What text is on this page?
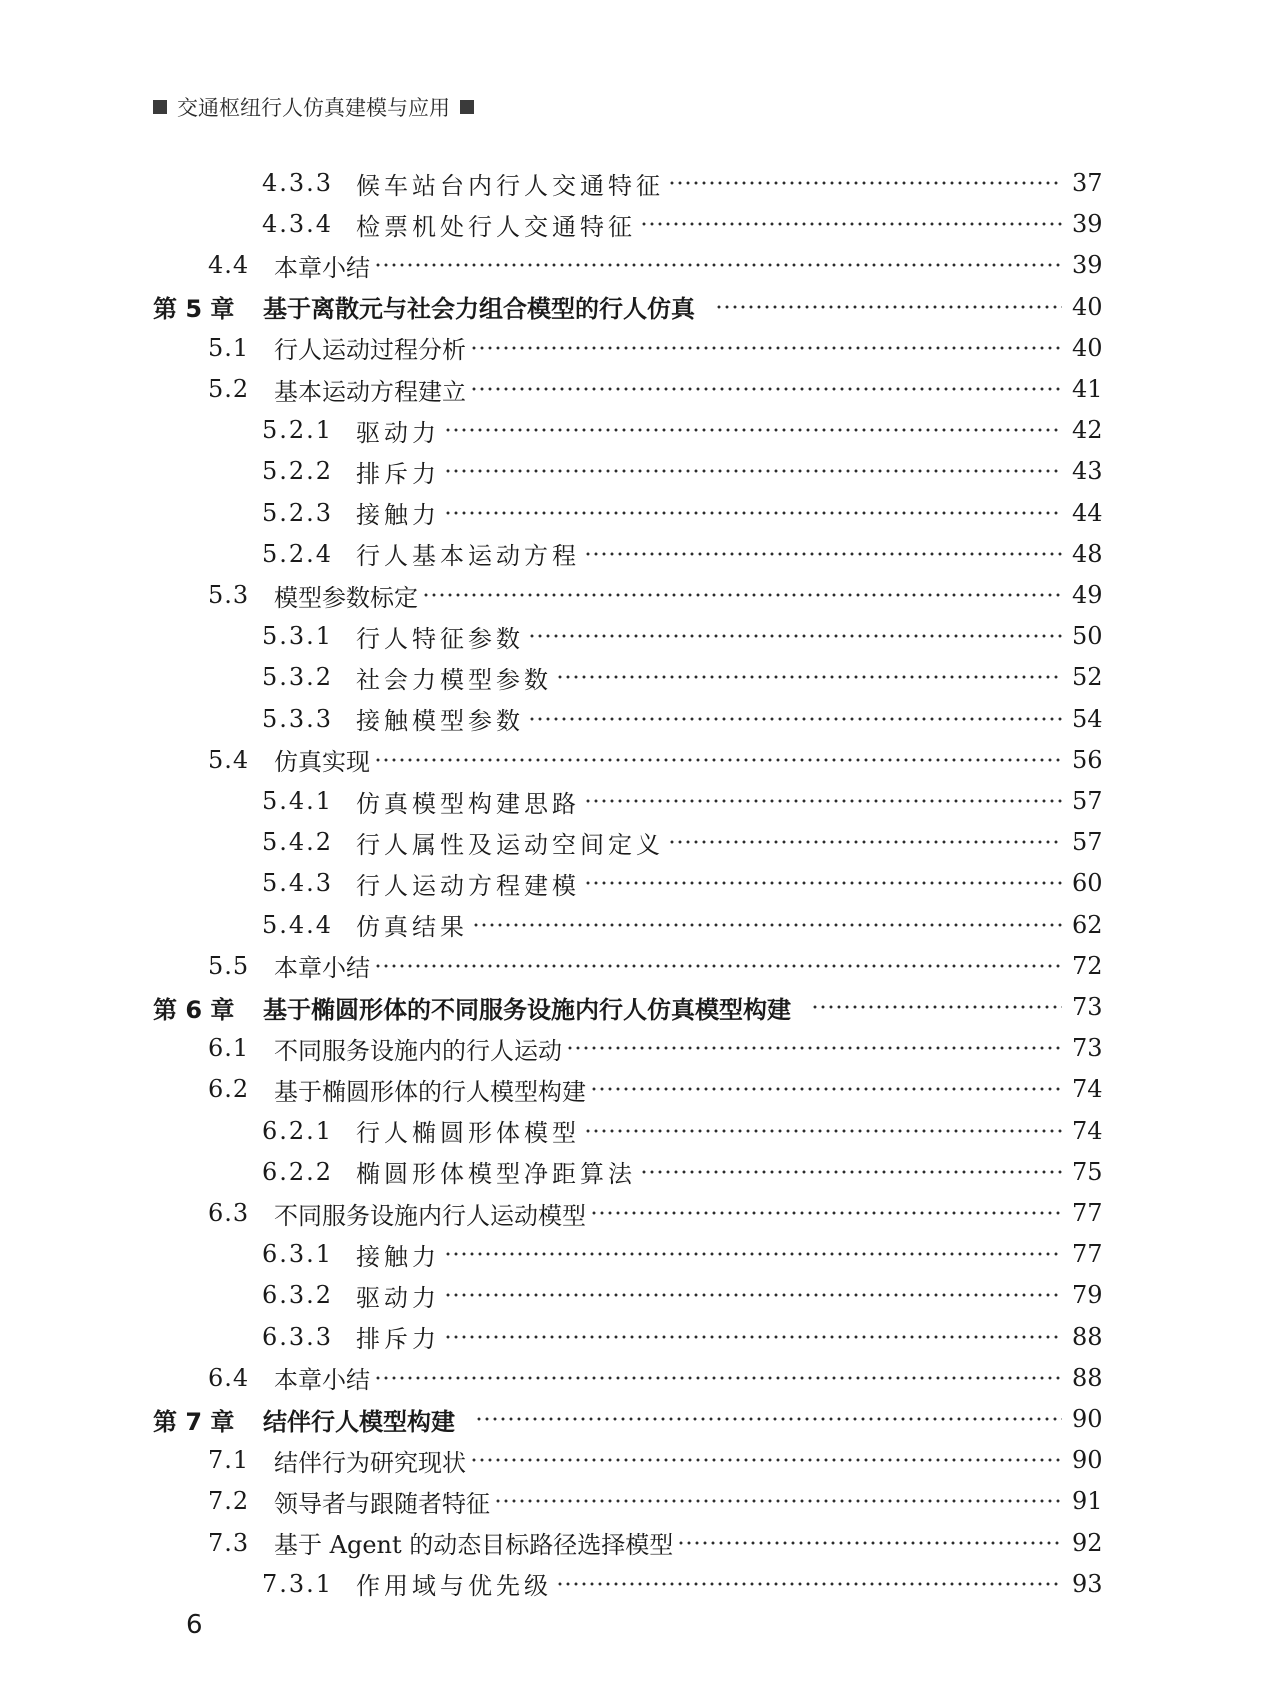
交通枢纽行人仿真建模与应用
4.3.3 候车站台内行人交通特征	37
4.3.4 检票机处行人交通特征	39
4.4	本章小结	39
第 5 章	基于离散元与社会力组合模型的行人仿真	40
5.1	行人运动过程分析	40
5.2	基本运动方程建立	41
5.2.1 驱动力	42
5.2.2 排斥力	43
5.2.3 接触力	44
5.2.4 行人基本运动方程	48
5.3	模型参数标定	49
5.3.1 行人特征参数	50
5.3.2 社会力模型参数	52
5.3.3 接触模型参数	54
5.4	仿真实现	56
5.4.1 仿真模型构建思路	57
5.4.2 行人属性及运动空间定义	57
5.4.3 行人运动方程建模	60
5.4.4 仿真结果	62
5.5	本章小结	72
第 6 章	基于椭圆形体的不同服务设施内行人仿真模型构建	73
6.1	不同服务设施内的行人运动	73
6.2	基于椭圆形体的行人模型构建	74
6.2.1 行人椭圆形体模型	74
6.2.2 椭圆形体模型净距算法	75
6.3	不同服务设施内行人运动模型	77
6.3.1 接触力	77
6.3.2 驱动力	79
6.3.3 排斥力	88
6.4	本章小结	88
第 7 章	结伴行人模型构建	90
7.1	结伴行为研究现状	90
7.2	领导者与跟随者特征	91
7.3	基于 Agent 的动态目标路径选择模型	92
7.3.1 作用域与优先级	93
6
